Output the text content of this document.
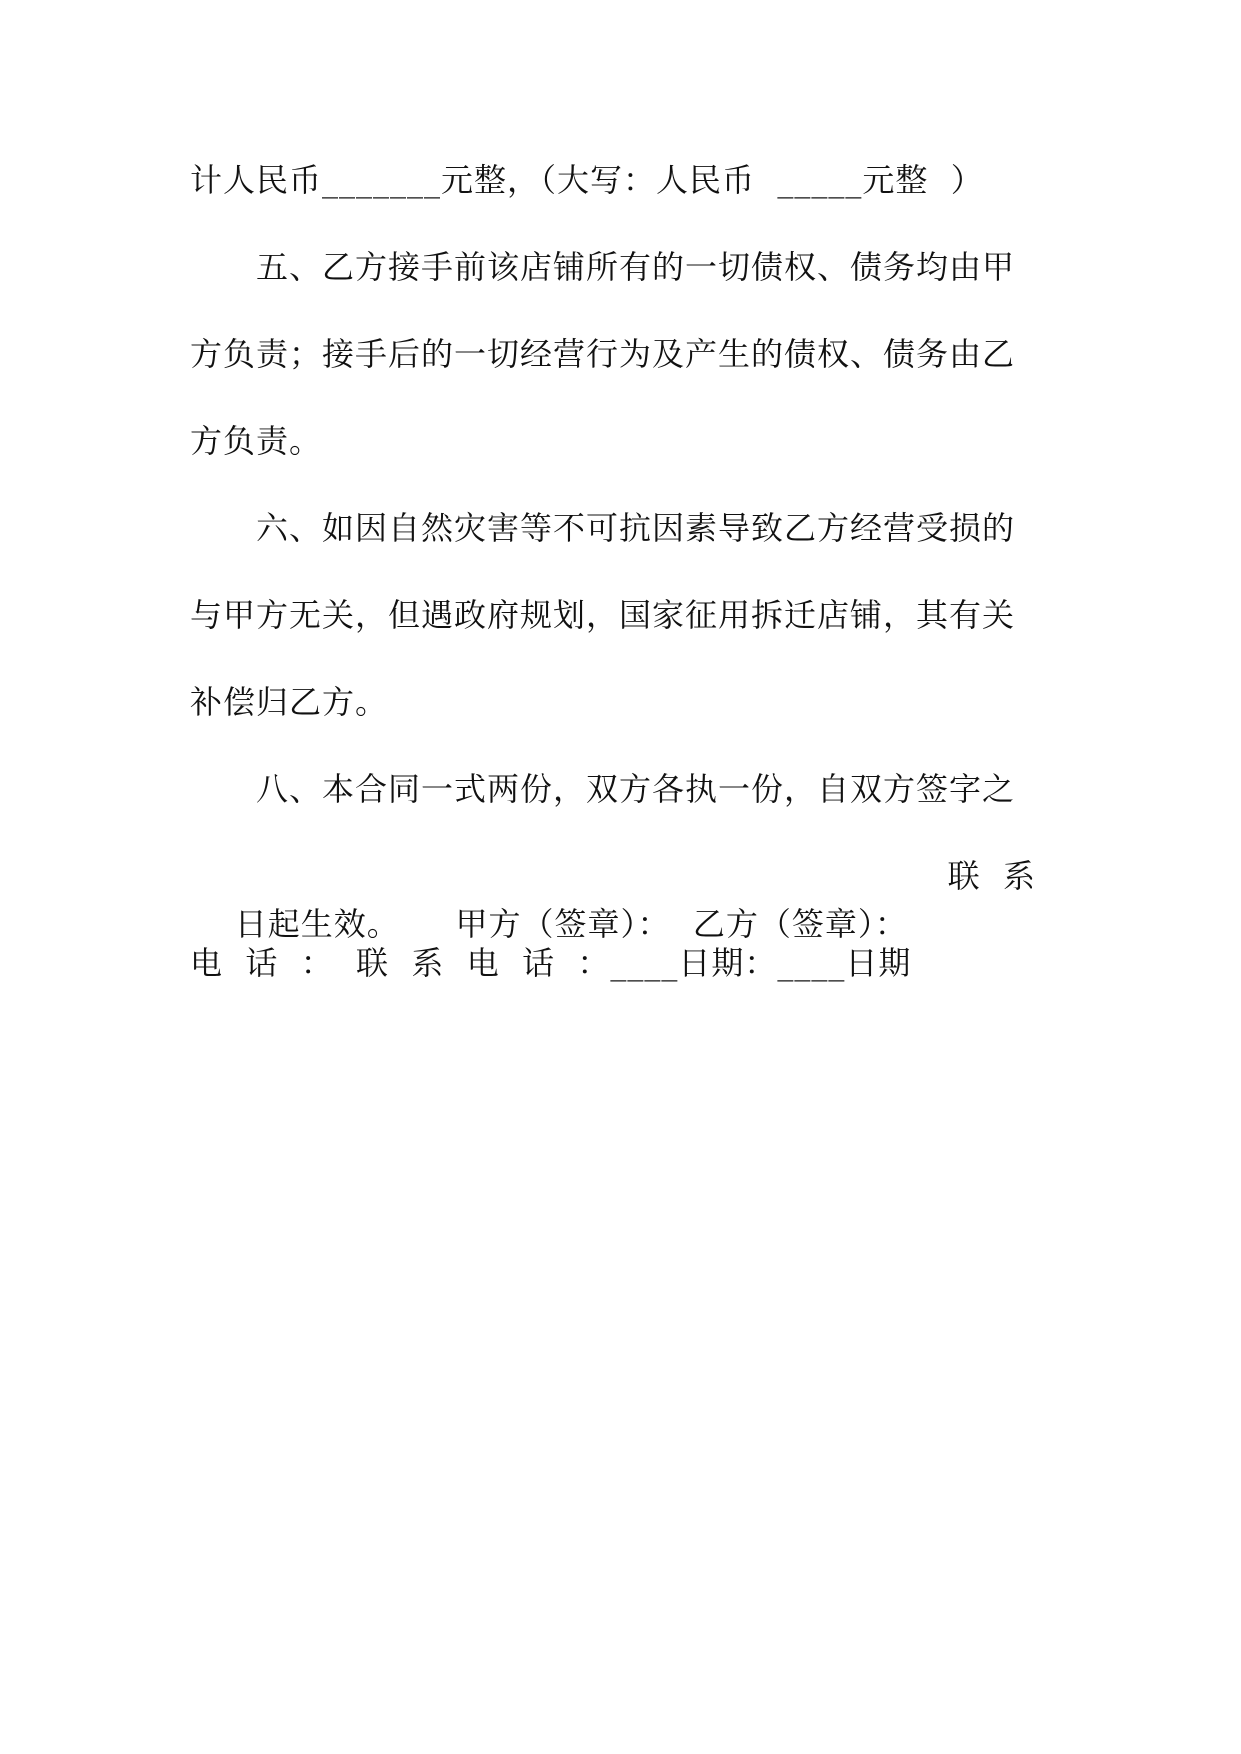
计人民币_______元整，（大写：人民币  _____元整  ）
五、乙方接手前该店铺所有的一切债权、债务均由甲
方负责；接手后的一切经营行为及产生的债权、债务由乙
方负责。
六、如因自然灾害等不可抗因素导致乙方经营受损的
与甲方无关，但遇政府规划，国家征用拆迁店铺，其有关
补偿归乙方。
八、本合同一式两份，双方各执一份，自双方签字之

日起生效。     甲方（签章）：  乙方（签章）：

联  系
电  话  ：  联  系  电  话  ：____日期：____日期
